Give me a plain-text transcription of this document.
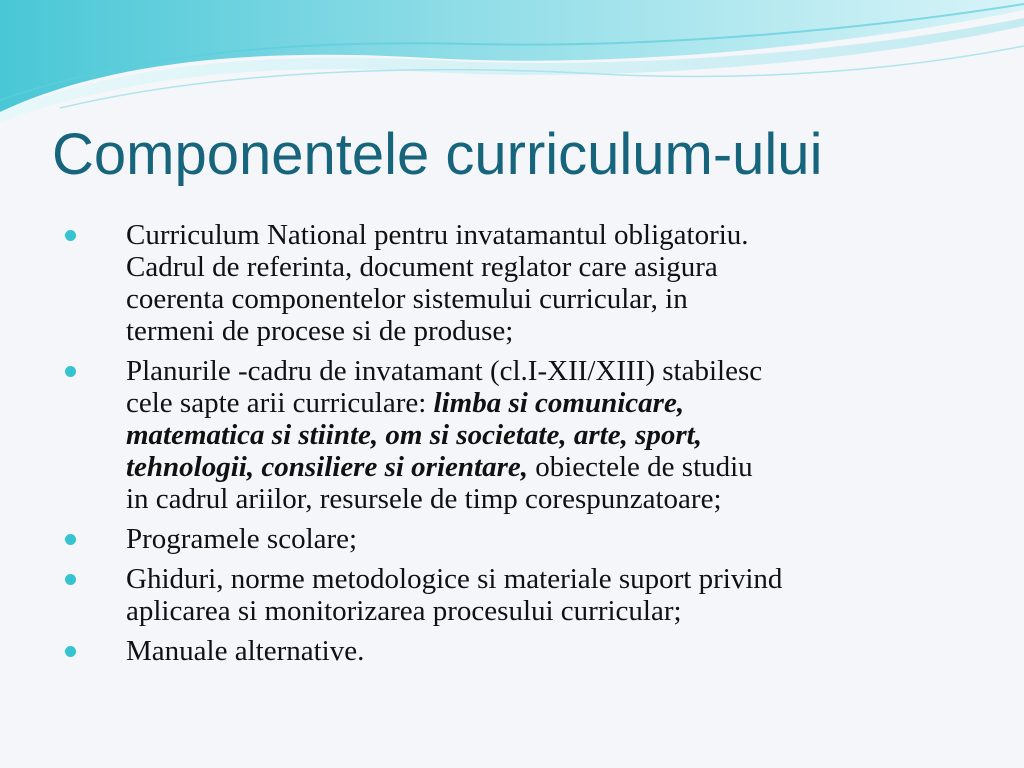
Componentele curriculum-ului
Curriculum National pentru invatamantul obligatoriu.
Cadrul de referinta, document reglator care asigura
coerenta componentelor sistemului curricular, in
termeni de procese si de produse;
Planurile -cadru de invatamant (cl.I-XII/XIII) stabilesc
cele sapte arii curriculare: limba si comunicare,
matematica si stiinte, om si societate, arte, sport,
tehnologii, consiliere si orientare, obiectele de studiu
in cadrul ariilor, resursele de timp corespunzatoare;
Programele scolare;
Ghiduri, norme metodologice si materiale suport privind
aplicarea si monitorizarea procesului curricular;
Manuale alternative.
